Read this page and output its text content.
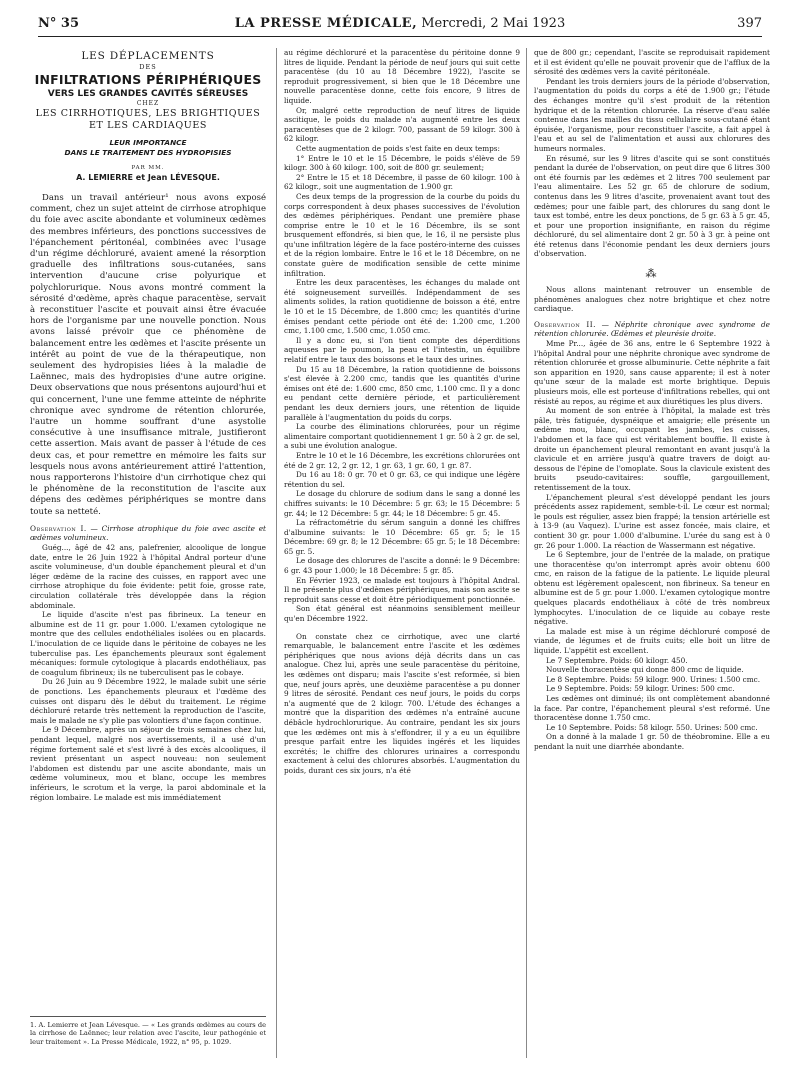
N° 35	LA PRESSE MÉDICALE, Mercredi, 2 Mai 1923	397
LES DÉPLACEMENTS
DES
INFILTRATIONS PÉRIPHÉRIQUES
VERS LES GRANDES CAVITÉS SÉREUSES
CHEZ
LES CIRRHOTIQUES, LES BRIGHTIQUES
ET LES CARDIAQUES
LEUR IMPORTANCE
DANS LE TRAITEMENT DES HYDROPISIES
PAR MM.
A. LEMIERRE et Jean LÉVESQUE.

Dans un travail antérieur¹ nous avons exposé comment, chez un sujet atteint de cirrhose atrophique du foie avec ascite abondante et volumineux œdèmes des membres inférieurs, des ponctions successives de l'épanchement péritonéal, combinées avec l'usage d'un régime déchloruré, avaient amené la résorption graduelle des infiltrations sous-cutanées, sans intervention d'aucune crise polyurique et polychlorurique. Nous avons montré comment la sérosité d'œdème, après chaque paracentèse, servait à reconstituer l'ascite et pouvait ainsi être évacuée hors de l'organisme par une nouvelle ponction. Nous avons laissé prévoir que ce phénomène de balancement entre les œdèmes et l'ascite présente un intérêt au point de vue de la thérapeutique, non seulement des hydropisies liées à la maladie de Laënnec, mais des hydropisies d'une autre origine. Deux observations que nous présentons aujourd'hui et qui concernent, l'une une femme atteinte de néphrite chronique avec syndrome de rétention chlorurée, l'autre un homme souffrant d'une asystolie consécutive à une insuffisance mitrale, justifieront cette assertion. Mais avant de passer à l'étude de ces deux cas, et pour remettre en mémoire les faits sur lesquels nous avons antérieurement attiré l'attention, nous rapporterons l'histoire d'un cirrhotique chez qui le phénomène de la reconstitution de l'ascite aux dépens des œdèmes périphériques se montre dans toute sa netteté.

Observation I. — Cirrhose atrophique du foie avec ascite et œdèmes volumineux.

Guég..., âgé de 42 ans, palefrenier, alcoolique de longue date, entre le 26 Juin 1922 à l'hôpital Andral porteur d'une ascite volumineuse, d'un double épanchement pleural et d'un léger œdème de la racine des cuisses, en rapport avec une cirrhose atrophique du foie évidente: petit foie, grosse rate, circulation collatérale très développée dans la région abdominale.

Le liquide d'ascite n'est pas fibrineux. La teneur en albumine est de 11 gr. pour 1.000. L'examen cytologique ne montre que des cellules endothéliales isolées ou en placards. L'inoculation de ce liquide dans le péritoine de cobayes ne les tuberculise pas. Les épanchements pleuraux sont également mécaniques: formule cytologique à placards endothéliaux, pas de coagulum fibrineux; ils ne tuberculisent pas le cobaye.

Du 26 Juin au 9 Décembre 1922, le malade subit une série de ponctions. Les épanchements pleuraux et l'œdème des cuisses ont disparu dès le début du traitement. Le régime déchloruré retarde très nettement la reproduction de l'ascite, mais le malade ne s'y plie pas volontiers d'une façon continue.

Le 9 Décembre, après un séjour de trois semaines chez lui, pendant lequel, malgré nos avertissements, il a usé d'un régime fortement salé et s'est livré à des excès alcooliques, il revient présentant un aspect nouveau: non seulement l'abdomen est distendu par une ascite abondante, mais un œdème volumineux, mou et blanc, occupe les membres inférieurs, le scrotum et la verge, la paroi abdominale et la région lombaire. Le malade est mis immédiatement

1. A. Lemierre et Jean Lévesque. — « Les grands œdèmes au cours de la cirrhose de Laënnec; leur relation avec l'ascite, leur pathogénie et leur traitement ». La Presse Médicale, 1922, n° 95, p. 1029.

au régime déchloruré et la paracentèse du péritoine donne 9 litres de liquide. Pendant la période de neuf jours qui suit cette paracentèse (du 10 au 18 Décembre 1922), l'ascite se reproduit progressivement, si bien que le 18 Décembre une nouvelle paracentèse donne, cette fois encore, 9 litres de liquide.

Or, malgré cette reproduction de neuf litres de liquide ascitique, le poids du malade n'a augmenté entre les deux paracentèses que de 2 kilogr. 700, passant de 59 kilogr. 300 à 62 kilogr.

Cette augmentation de poids s'est faite en deux temps:

1° Entre le 10 et le 15 Décembre, le poids s'élève de 59 kilogr. 300 à 60 kilogr. 100, soit de 800 gr. seulement;

2° Entre le 15 et 18 Décembre, il passe de 60 kilogr. 100 à 62 kilogr., soit une augmentation de 1.900 gr.

Ces deux temps de la progression de la courbe du poids du corps correspondent à deux phases successives de l'évolution des œdèmes périphériques. Pendant une première phase comprise entre le 10 et le 16 Décembre, ils se sont brusquement effondrés, si bien que, le 16, il ne persiste plus qu'une infiltration légère de la face postéro-interne des cuisses et de la région lombaire. Entre le 16 et le 18 Décembre, on ne constate guère de modification sensible de cette minime infiltration.

Entre les deux paracentèses, les échanges du malade ont été soigneusement surveillés. Indépendamment de ses aliments solides, la ration quotidienne de boisson a été, entre le 10 et le 15 Décembre, de 1.800 cmc; les quantités d'urine émises pendant cette période ont été de: 1.200 cmc, 1.200 cmc, 1.100 cmc, 1.500 cmc, 1.050 cmc.

Il y a donc eu, si l'on tient compte des déperditions aqueuses par le poumon, la peau et l'intestin, un équilibre relatif entre le taux des boissons et le taux des urines.

Du 15 au 18 Décembre, la ration quotidienne de boissons s'est élevée à 2.200 cmc, tandis que les quantités d'urine émises ont été de: 1.600 cmc, 850 cmc, 1.100 cmc. Il y a donc eu pendant cette dernière période, et particulièrement pendant les deux derniers jours, une rétention de liquide parallèle à l'augmentation du poids du corps.

La courbe des éliminations chlorurées, pour un régime alimentaire comportant quotidiennement 1 gr. 50 à 2 gr. de sel, a subi une évolution analogue.

Entre le 10 et le 16 Décembre, les excrétions chlorurées ont été de 2 gr. 12, 2 gr. 12, 1 gr. 63, 1 gr. 60, 1 gr. 87.

Du 16 au 18: 0 gr. 70 et 0 gr. 63, ce qui indique une légère rétention du sel.

Le dosage du chlorure de sodium dans le sang a donné les chiffres suivants: le 10 Décembre: 5 gr. 63; le 15 Décembre: 5 gr. 44; le 12 Décembre: 5 gr. 44; le 18 Décembre: 5 gr. 45.

La réfractométrie du sérum sanguin a donné les chiffres d'albumine suivants: le 10 Décembre: 65 gr. 5; le 15 Décembre: 69 gr. 8; le 12 Décembre: 65 gr. 5; le 18 Décembre: 65 gr. 5.

Le dosage des chlorures de l'ascite a donné: le 9 Décembre: 6 gr. 43 pour 1.000; le 18 Décembre: 5 gr. 85.

En Février 1923, ce malade est toujours à l'hôpital Andral. Il ne présente plus d'œdèmes périphériques, mais son ascite se reproduit sans cesse et doit être périodiquement ponctionnée.

Son état général est néanmoins sensiblement meilleur qu'en Décembre 1922.

On constate chez ce cirrhotique, avec une clarté remarquable, le balancement entre l'ascite et les œdèmes périphériques que nous avions déjà décrits dans un cas analogue. Chez lui, après une seule paracentèse du péritoine, les œdèmes ont disparu; mais l'ascite s'est reformée, si bien que, neuf jours après, une deuxième paracentèse a pu donner 9 litres de sérosité. Pendant ces neuf jours, le poids du corps n'a augmenté que de 2 kilogr. 700. L'étude des échanges a montré que la disparition des œdèmes n'a entraîné aucune débâcle hydrochlorurique. Au contraire, pendant les six jours que les œdèmes ont mis à s'effondrer, il y a eu un équilibre presque parfait entre les liquides ingérés et les liquides excrétés; le chiffre des chlorures urinaires a correspondu exactement à celui des chlorures absorbés. L'augmentation du poids, durant ces six jours, n'a été

que de 800 gr.; cependant, l'ascite se reproduisait rapidement et il est évident qu'elle ne pouvait provenir que de l'afflux de la sérosité des œdèmes vers la cavité péritonéale.

Pendant les trois derniers jours de la période d'observation, l'augmentation du poids du corps a été de 1.900 gr.; l'étude des échanges montre qu'il s'est produit de la rétention hydrique et de la rétention chlorurée. La réserve d'eau salée contenue dans les mailles du tissu cellulaire sous-cutané étant épuisée, l'organisme, pour reconstituer l'ascite, a fait appel à l'eau et au sel de l'alimentation et aussi aux chlorures des humeurs normales.

En résumé, sur les 9 litres d'ascite qui se sont constitués pendant la durée de l'observation, on peut dire que 6 litres 300 ont été fournis par les œdèmes et 2 litres 700 seulement par l'eau alimentaire. Les 52 gr. 65 de chlorure de sodium, contenus dans les 9 litres d'ascite, provenaient avant tout des œdèmes; pour une faible part, des chlorures du sang dont le taux est tombé, entre les deux ponctions, de 5 gr. 63 à 5 gr. 45, et pour une proportion insignifiante, en raison du régime déchloruré, du sel alimentaire dont 2 gr. 50 à 3 gr. à peine ont été retenus dans l'économie pendant les deux derniers jours d'observation.

⁂

Nous allons maintenant retrouver un ensemble de phénomènes analogues chez notre brightique et chez notre cardiaque.

Observation II. — Néphrite chronique avec syndrome de rétention chlorurée. Œdèmes et pleurésie droite.

Mme Pr..., âgée de 36 ans, entre le 6 Septembre 1922 à l'hôpital Andral pour une néphrite chronique avec syndrome de rétention chlorurée et grosse albuminurie. Cette néphrite a fait son apparition en 1920, sans cause apparente; il est à noter qu'une sœur de la malade est morte brightique. Depuis plusieurs mois, elle est porteuse d'infiltrations rebelles, qui ont résisté au repos, au régime et aux diurétiques les plus divers.

Au moment de son entrée à l'hôpital, la malade est très pâle, très fatiguée, dyspnéique et amaigrie; elle présente un œdème mou, blanc, occupant les jambes, les cuisses, l'abdomen et la face qui est véritablement bouffie. Il existe à droite un épanchement pleural remontant en avant jusqu'à la clavicule et en arrière jusqu'à quatre travers de doigt au-dessous de l'épine de l'omoplate. Sous la clavicule existent des bruits pseudo-cavitaires: souffle, gargouillement, retentissement de la toux.

L'épanchement pleural s'est développé pendant les jours précédents assez rapidement, semble-t-il. Le cœur est normal; le pouls est régulier, assez bien frappé; la tension artérielle est à 13-9 (au Vaquez). L'urine est assez foncée, mais claire, et contient 30 gr. pour 1.000 d'albumine. L'urée du sang est à 0 gr. 26 pour 1.000. La réaction de Wassermann est négative.

Le 6 Septembre, jour de l'entrée de la malade, on pratique une thoracentèse qu'on interrompt après avoir obtenu 600 cmc, en raison de la fatigue de la patiente. Le liquide pleural obtenu est légèrement opalescent, non fibrineux. Sa teneur en albumine est de 5 gr. pour 1.000. L'examen cytologique montre quelques placards endothéliaux à côté de très nombreux lymphocytes. L'inoculation de ce liquide au cobaye reste négative.

La malade est mise à un régime déchloruré composé de viande, de légumes et de fruits cuits; elle boit un litre de liquide. L'appétit est excellent.

Le 7 Septembre. Poids: 60 kilogr. 450.

Nouvelle thoracentèse qui donne 800 cmc de liquide.

Le 8 Septembre. Poids: 59 kilogr. 900. Urines: 1.500 cmc.

Le 9 Septembre. Poids: 59 kilogr. Urines: 500 cmc.

Les œdèmes ont diminué; ils ont complètement abandonné la face. Par contre, l'épanchement pleural s'est reformé. Une thoracentèse donne 1.750 cmc.

Le 10 Septembre. Poids: 58 kilogr. 550. Urines: 500 cmc.

On a donné à la malade 1 gr. 50 de théobromine. Elle a eu pendant la nuit une diarrhée abondante.
